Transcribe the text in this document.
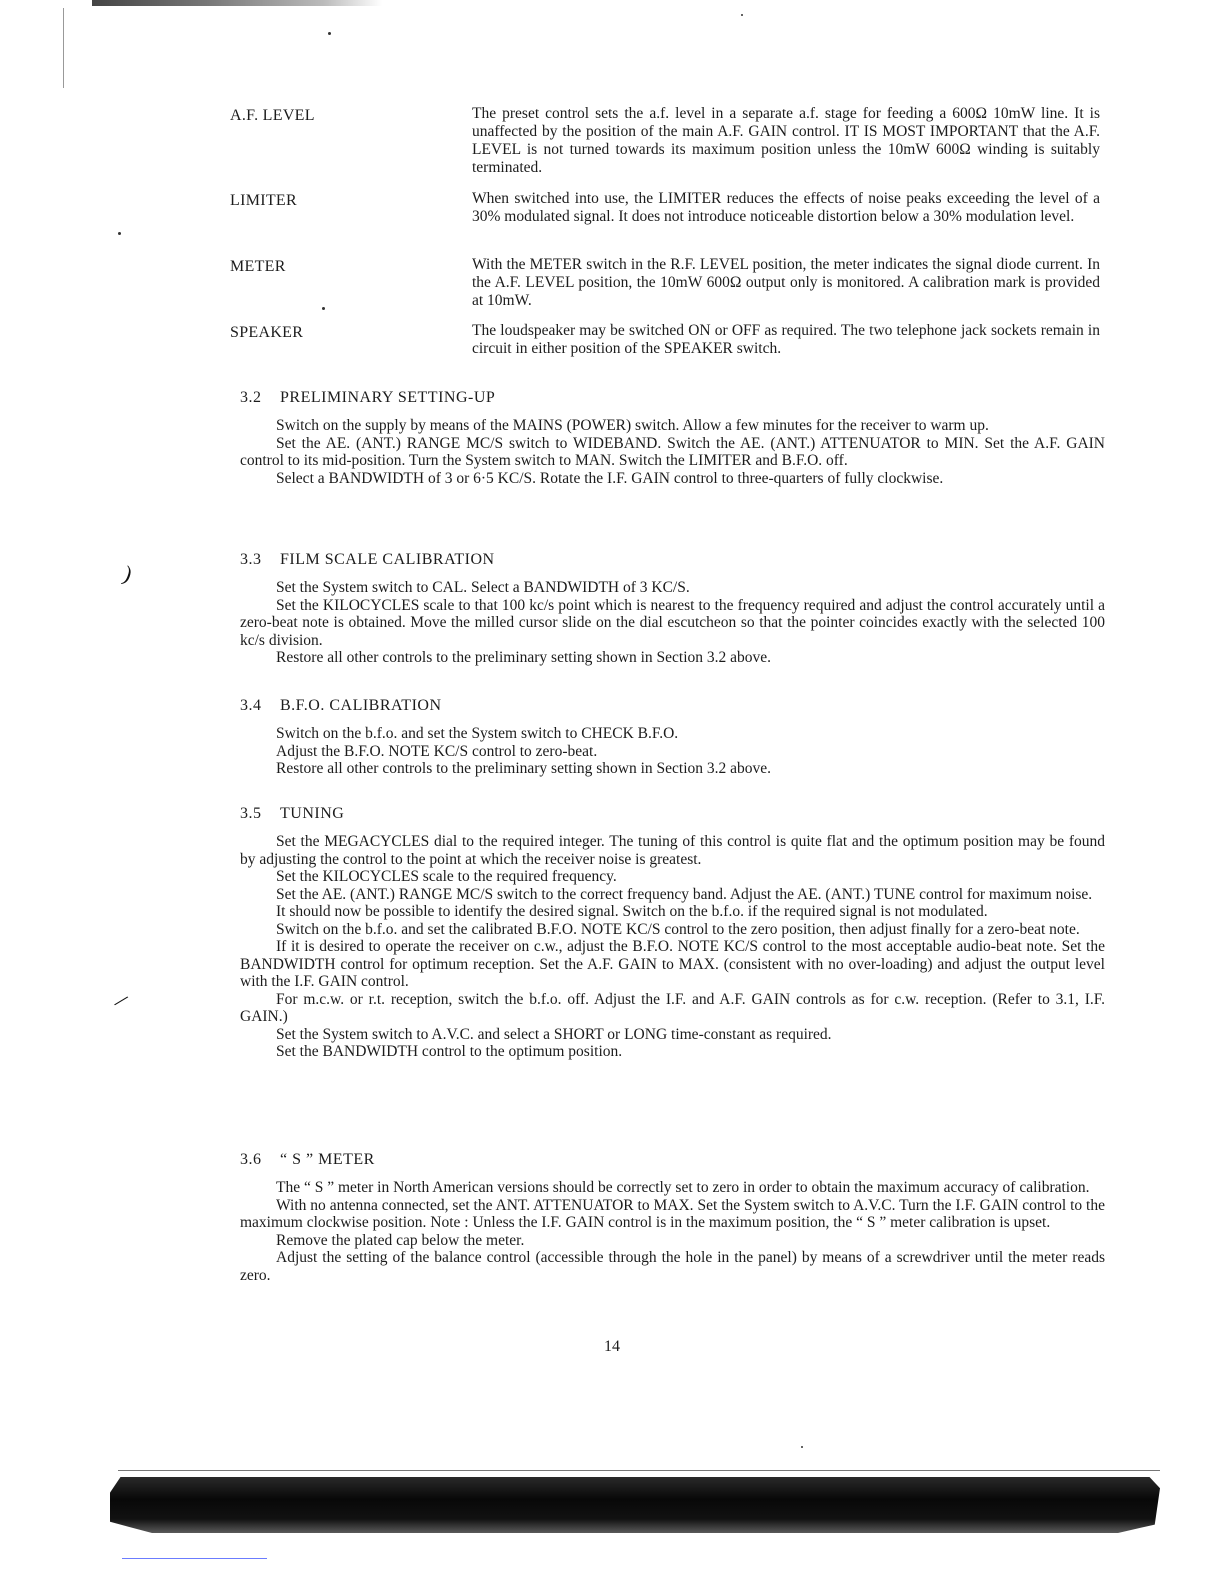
)
/
A.F. LEVEL	The preset control sets the a.f. level in a separate a.f. stage for feeding a 600Ω 10mW line. It is unaffected by the position of the main A.F. GAIN control. IT IS MOST IMPORTANT that the A.F. LEVEL is not turned towards its maximum position unless the 10mW 600Ω winding is suitably terminated.
LIMITER	When switched into use, the LIMITER reduces the effects of noise peaks exceeding the level of a 30% modulated signal. It does not introduce noticeable distortion below a 30% modulation level.
METER	With the METER switch in the R.F. LEVEL position, the meter indicates the signal diode current. In the A.F. LEVEL position, the 10mW 600Ω output only is monitored. A calibration mark is provided at 10mW.
SPEAKER	The loudspeaker may be switched ON or OFF as required. The two telephone jack sockets remain in circuit in either position of the SPEAKER switch.
3.2 PRELIMINARY SETTING-UP

Switch on the supply by means of the MAINS (POWER) switch. Allow a few minutes for the receiver to warm up.

Set the AE. (ANT.) RANGE MC/S switch to WIDEBAND. Switch the AE. (ANT.) ATTENUATOR to MIN. Set the A.F. GAIN control to its mid-position. Turn the System switch to MAN. Switch the LIMITER and B.F.O. off.

Select a BANDWIDTH of 3 or 6·5 KC/S. Rotate the I.F. GAIN control to three-quarters of fully clockwise.

3.3 FILM SCALE CALIBRATION

Set the System switch to CAL. Select a BANDWIDTH of 3 KC/S.

Set the KILOCYCLES scale to that 100 kc/s point which is nearest to the frequency required and adjust the control accurately until a zero-beat note is obtained. Move the milled cursor slide on the dial escutcheon so that the pointer coincides exactly with the selected 100 kc/s division.

Restore all other controls to the preliminary setting shown in Section 3.2 above.

3.4 B.F.O. CALIBRATION

Switch on the b.f.o. and set the System switch to CHECK B.F.O.

Adjust the B.F.O. NOTE KC/S control to zero-beat.

Restore all other controls to the preliminary setting shown in Section 3.2 above.

3.5 TUNING

Set the MEGACYCLES dial to the required integer. The tuning of this control is quite flat and the optimum position may be found by adjusting the control to the point at which the receiver noise is greatest.

Set the KILOCYCLES scale to the required frequency.

Set the AE. (ANT.) RANGE MC/S switch to the correct frequency band. Adjust the AE. (ANT.) TUNE control for maximum noise.

It should now be possible to identify the desired signal. Switch on the b.f.o. if the required signal is not modulated.

Switch on the b.f.o. and set the calibrated B.F.O. NOTE KC/S control to the zero position, then adjust finally for a zero-beat note.

If it is desired to operate the receiver on c.w., adjust the B.F.O. NOTE KC/S control to the most acceptable audio-beat note. Set the BANDWIDTH control for optimum reception. Set the A.F. GAIN to MAX. (consistent with no over-loading) and adjust the output level with the I.F. GAIN control.

For m.c.w. or r.t. reception, switch the b.f.o. off. Adjust the I.F. and A.F. GAIN controls as for c.w. reception. (Refer to 3.1, I.F. GAIN.)

Set the System switch to A.V.C. and select a SHORT or LONG time-constant as required.

Set the BANDWIDTH control to the optimum position.

3.6 “ S ” METER

The “ S ” meter in North American versions should be correctly set to zero in order to obtain the maximum accuracy of calibration.

With no antenna connected, set the ANT. ATTENUATOR to MAX. Set the System switch to A.V.C. Turn the I.F. GAIN control to the maximum clockwise position. Note : Unless the I.F. GAIN control is in the maximum position, the “ S ” meter calibration is upset.

Remove the plated cap below the meter.

Adjust the setting of the balance control (accessible through the hole in the panel) by means of a screwdriver until the meter reads zero.

14
